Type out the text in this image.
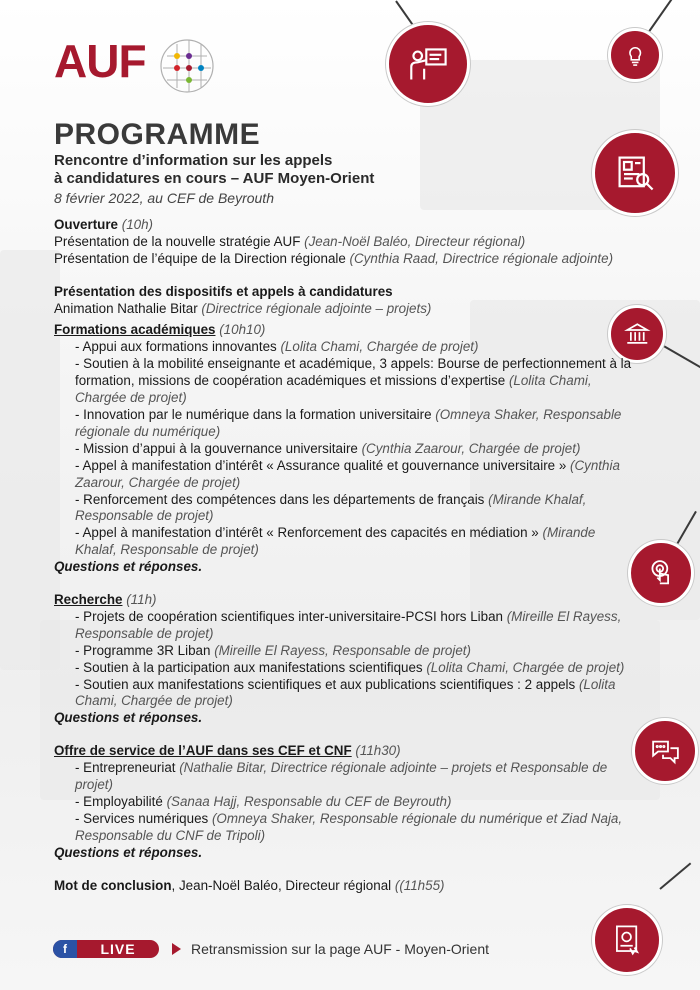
AUF
PROGRAMME
Rencontre d’information sur les appels
à candidatures en cours – AUF Moyen-Orient
8 février 2022, au CEF de Beyrouth

Ouverture (10h)

Présentation de la nouvelle stratégie AUF (Jean-Noël Baléo, Directeur régional)

Présentation de l’équipe de la Direction régionale (Cynthia Raad, Directrice régionale adjointe)

Présentation des dispositifs et appels à candidatures

Animation Nathalie Bitar (Directrice régionale adjointe – projets)

Formations académiques (10h10)

- Appui aux formations innovantes (Lolita Chami, Chargée de projet)

- Soutien à la mobilité enseignante et académique, 3 appels: Bourse de perfectionnement à la formation, missions de coopération académiques et missions d’expertise (Lolita Chami, Chargée de projet)

- Innovation par le numérique dans la formation universitaire (Omneya Shaker, Responsable régionale du numérique)

- Mission d’appui à la gouvernance universitaire (Cynthia Zaarour, Chargée de projet)

- Appel à manifestation d’intérêt « Assurance qualité et gouvernance universitaire » (Cynthia Zaarour, Chargée de projet)

- Renforcement des compétences dans les départements de français (Mirande Khalaf, Responsable de projet)

- Appel à manifestation d’intérêt « Renforcement des capacités en médiation » (Mirande Khalaf, Responsable de projet)

Questions et réponses.

Recherche (11h)

- Projets de coopération scientifiques inter-universitaire-PCSI hors Liban (Mireille El Rayess, Responsable de projet)

- Programme 3R Liban (Mireille El Rayess, Responsable de projet)

- Soutien à la participation aux manifestations scientifiques (Lolita Chami, Chargée de projet)

- Soutien aux manifestations scientifiques et aux publications scientifiques : 2 appels (Lolita Chami, Chargée de projet)

Questions et réponses.

Offre de service de l’AUF dans ses CEF et CNF (11h30)

- Entrepreneuriat (Nathalie Bitar, Directrice régionale adjointe – projets et Responsable de projet)

- Employabilité (Sanaa Hajj, Responsable du CEF de Beyrouth)

- Services numériques (Omneya Shaker, Responsable régionale du numérique et Ziad Naja, Responsable du CNF de Tripoli)

Questions et réponses.

Mot de conclusion, Jean-Noël Baléo, Directeur régional ((11h55)

f	LIVE	Retransmission sur la page AUF - Moyen-Orient
